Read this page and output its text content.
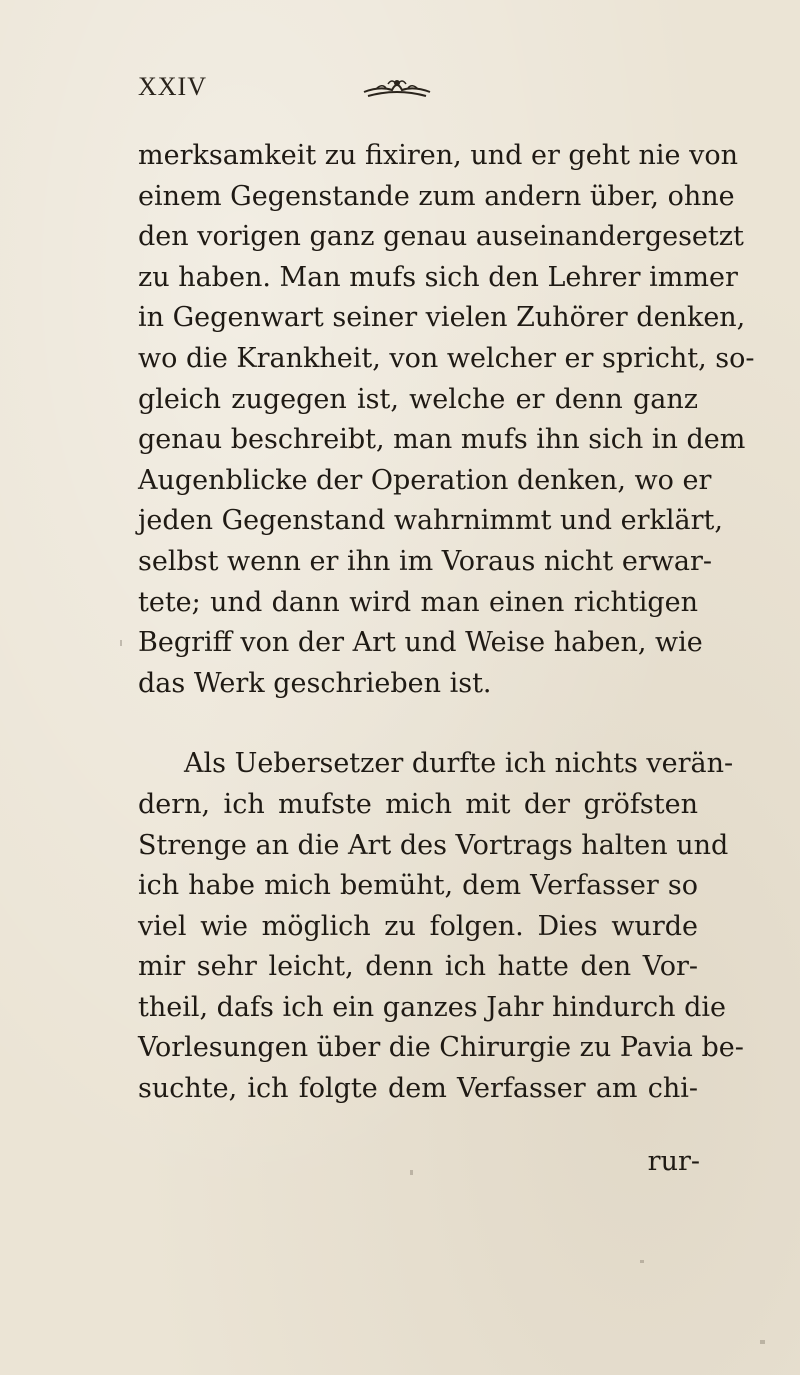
XXIV
merksamkeit zu fixiren, und er geht nie von
einem Gegenstande zum andern über, ohne
den vorigen ganz genau auseinandergesetzt
zu haben. Man mufs sich den Lehrer immer
in Gegenwart seiner vielen Zuhörer denken,
wo die Krankheit, von welcher er spricht, so-
gleich zugegen ist, welche er denn ganz
genau beschreibt, man mufs ihn sich in dem
Augenblicke der Operation denken, wo er
jeden Gegenstand wahrnimmt und erklärt,
selbst wenn er ihn im Voraus nicht erwar-
tete; und dann wird man einen richtigen
Begriff von der Art und Weise haben, wie
das Werk geschrieben ist.
Als Uebersetzer durfte ich nichts verän-
dern, ich mufste mich mit der gröfsten
Strenge an die Art des Vortrags halten und
ich habe mich bemüht, dem Verfasser so
viel wie möglich zu folgen. Dies wurde
mir sehr leicht, denn ich hatte den Vor-
theil, dafs ich ein ganzes Jahr hindurch die
Vorlesungen über die Chirurgie zu Pavia be-
suchte, ich folgte dem Verfasser am chi-
rur-
